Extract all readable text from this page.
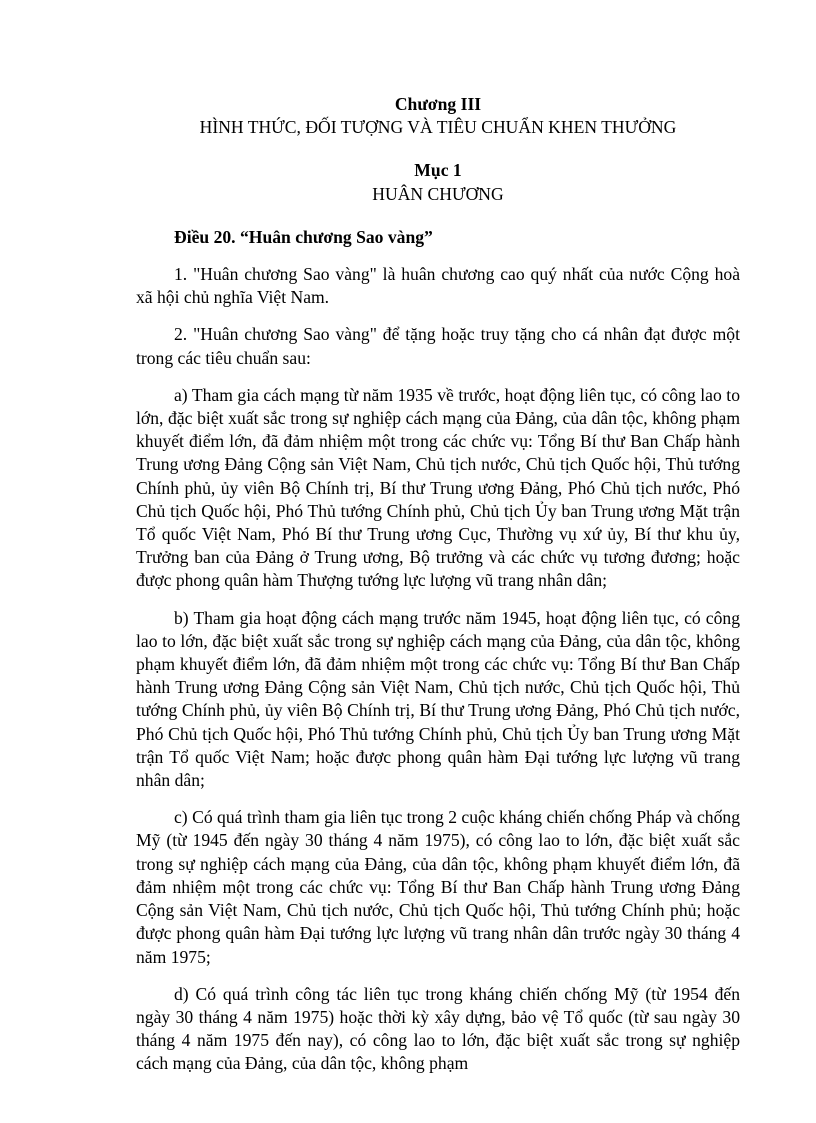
Chương III
HÌNH THỨC, ĐỐI TƯỢNG VÀ TIÊU CHUẨN KHEN THƯỞNG
Mục 1
HUÂN CHƯƠNG
Điều 20. “Huân chương Sao vàng”

1. "Huân chương Sao vàng" là huân chương cao quý nhất của nước Cộng hoà xã hội chủ nghĩa Việt Nam.

2. "Huân chương Sao vàng" để tặng hoặc truy tặng cho cá nhân đạt được một trong các tiêu chuẩn sau:

a) Tham gia cách mạng từ năm 1935 về trước, hoạt động liên tục, có công lao to lớn, đặc biệt xuất sắc trong sự nghiệp cách mạng của Đảng, của dân tộc, không phạm khuyết điểm lớn, đã đảm nhiệm một trong các chức vụ: Tổng Bí thư Ban Chấp hành Trung ương Đảng Cộng sản Việt Nam, Chủ tịch nước, Chủ tịch Quốc hội, Thủ tướng Chính phủ, ủy viên Bộ Chính trị, Bí thư Trung ương Đảng, Phó Chủ tịch nước, Phó Chủ tịch Quốc hội, Phó Thủ tướng Chính phủ, Chủ tịch Ủy ban Trung ương Mặt trận Tổ quốc Việt Nam, Phó Bí thư Trung ương Cục, Thường vụ xứ ủy, Bí thư khu ủy, Trưởng ban của Đảng ở Trung ương, Bộ trưởng và các chức vụ tương đương; hoặc được phong quân hàm Thượng tướng lực lượng vũ trang nhân dân;

b) Tham gia hoạt động cách mạng trước năm 1945, hoạt động liên tục, có công lao to lớn, đặc biệt xuất sắc trong sự nghiệp cách mạng của Đảng, của dân tộc, không phạm khuyết điểm lớn, đã đảm nhiệm một trong các chức vụ: Tổng Bí thư Ban Chấp hành Trung ương Đảng Cộng sản Việt Nam, Chủ tịch nước, Chủ tịch Quốc hội, Thủ tướng Chính phủ, ủy viên Bộ Chính trị, Bí thư Trung ương Đảng, Phó Chủ tịch nước, Phó Chủ tịch Quốc hội, Phó Thủ tướng Chính phủ, Chủ tịch Ủy ban Trung ương Mặt trận Tổ quốc Việt Nam; hoặc được phong quân hàm Đại tướng lực lượng vũ trang nhân dân;

c) Có quá trình tham gia liên tục trong 2 cuộc kháng chiến chống Pháp và chống Mỹ (từ 1945 đến ngày 30 tháng 4 năm 1975), có công lao to lớn, đặc biệt xuất sắc trong sự nghiệp cách mạng của Đảng, của dân tộc, không phạm khuyết điểm lớn, đã đảm nhiệm một trong các chức vụ: Tổng Bí thư Ban Chấp hành Trung ương Đảng Cộng sản Việt Nam, Chủ tịch nước, Chủ tịch Quốc hội, Thủ tướng Chính phủ; hoặc được phong quân hàm Đại tướng lực lượng vũ trang nhân dân trước ngày 30 tháng 4 năm 1975;

d) Có quá trình công tác liên tục trong kháng chiến chống Mỹ (từ 1954 đến ngày 30 tháng 4 năm 1975) hoặc thời kỳ xây dựng, bảo vệ Tổ quốc (từ sau ngày 30 tháng 4 năm 1975 đến nay), có công lao to lớn, đặc biệt xuất sắc trong sự nghiệp cách mạng của Đảng, của dân tộc, không phạm
